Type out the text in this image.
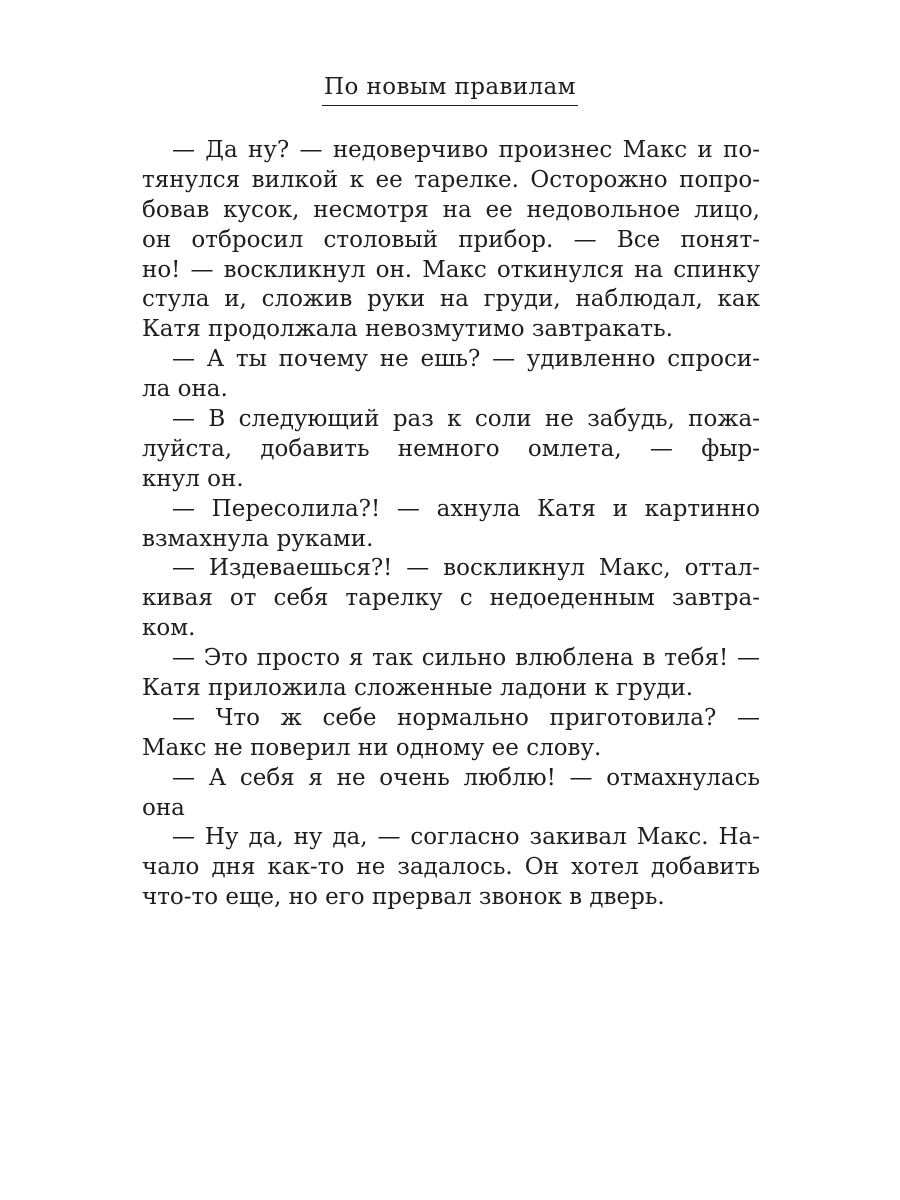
По новым правилам
— Да ну? — недоверчиво произнес Макс и по-
тянулся вилкой к ее тарелке. Осторожно попро-
бовав кусок, несмотря на ее недовольное лицо,
он отбросил столовый прибор. — Все понят-
но! — воскликнул он. Макс откинулся на спинку
стула и, сложив руки на груди, наблюдал, как
Катя продолжала невозмутимо завтракать.
— А ты почему не ешь? — удивленно спроси-
ла она.
— В следующий раз к соли не забудь, пожа-
луйста, добавить немного омлета, — фыр-
кнул он.
— Пересолила?! — ахнула Катя и картинно
взмахнула руками.
— Издеваешься?! — воскликнул Макс, оттал-
кивая от себя тарелку с недоеденным завтра-
ком.
— Это просто я так сильно влюблена в тебя! —
Катя приложила сложенные ладони к груди.
— Что ж себе нормально приготовила? —
Макс не поверил ни одному ее слову.
— А себя я не очень люблю! — отмахнулась
она
— Ну да, ну да, — согласно закивал Макс. На-
чало дня как-то не задалось. Он хотел добавить
что-то еще, но его прервал звонок в дверь.
